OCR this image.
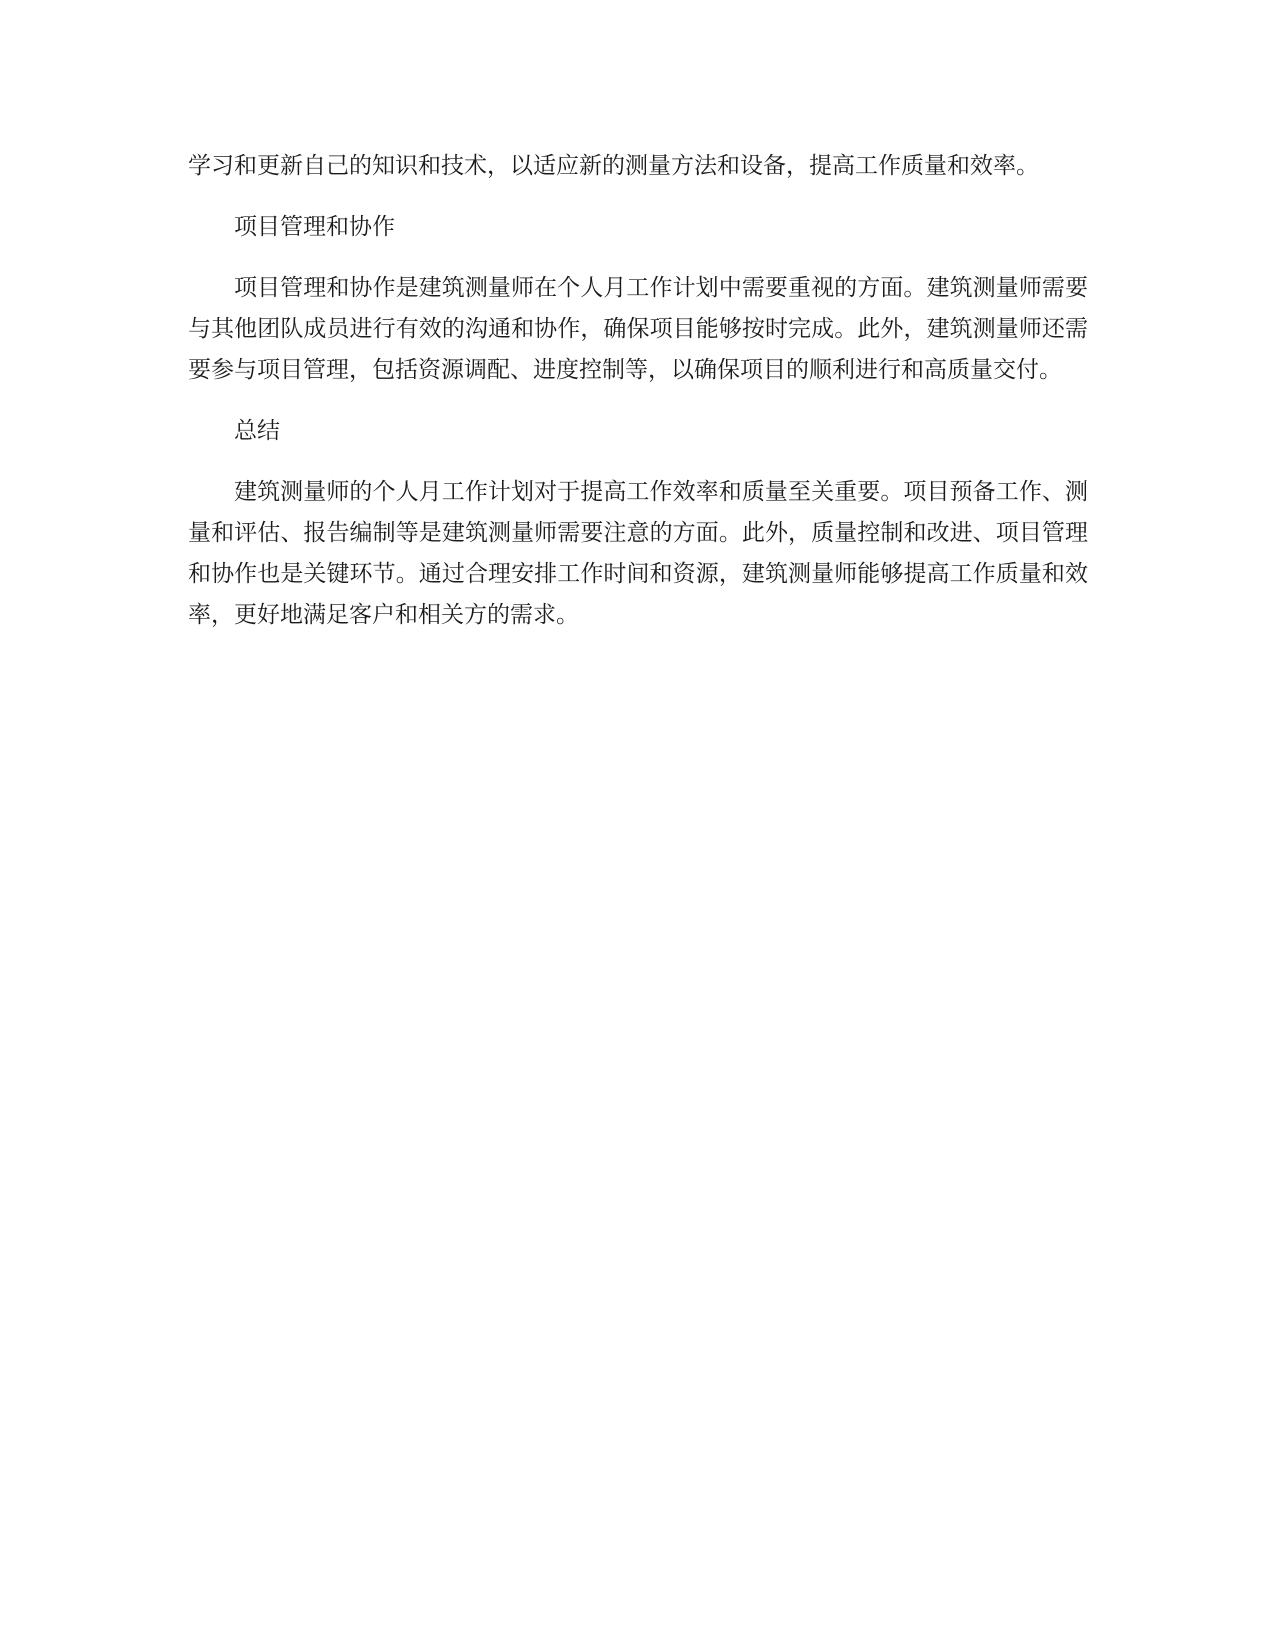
学习和更新自己的知识和技术，以适应新的测量方法和设备，提高工作质量和效率。

项目管理和协作

项目管理和协作是建筑测量师在个人月工作计划中需要重视的方面。建筑测量师需要与其他团队成员进行有效的沟通和协作，确保项目能够按时完成。此外，建筑测量师还需要参与项目管理，包括资源调配、进度控制等，以确保项目的顺利进行和高质量交付。

总结

建筑测量师的个人月工作计划对于提高工作效率和质量至关重要。项目预备工作、测量和评估、报告编制等是建筑测量师需要注意的方面。此外，质量控制和改进、项目管理和协作也是关键环节。通过合理安排工作时间和资源，建筑测量师能够提高工作质量和效率，更好地满足客户和相关方的需求。
